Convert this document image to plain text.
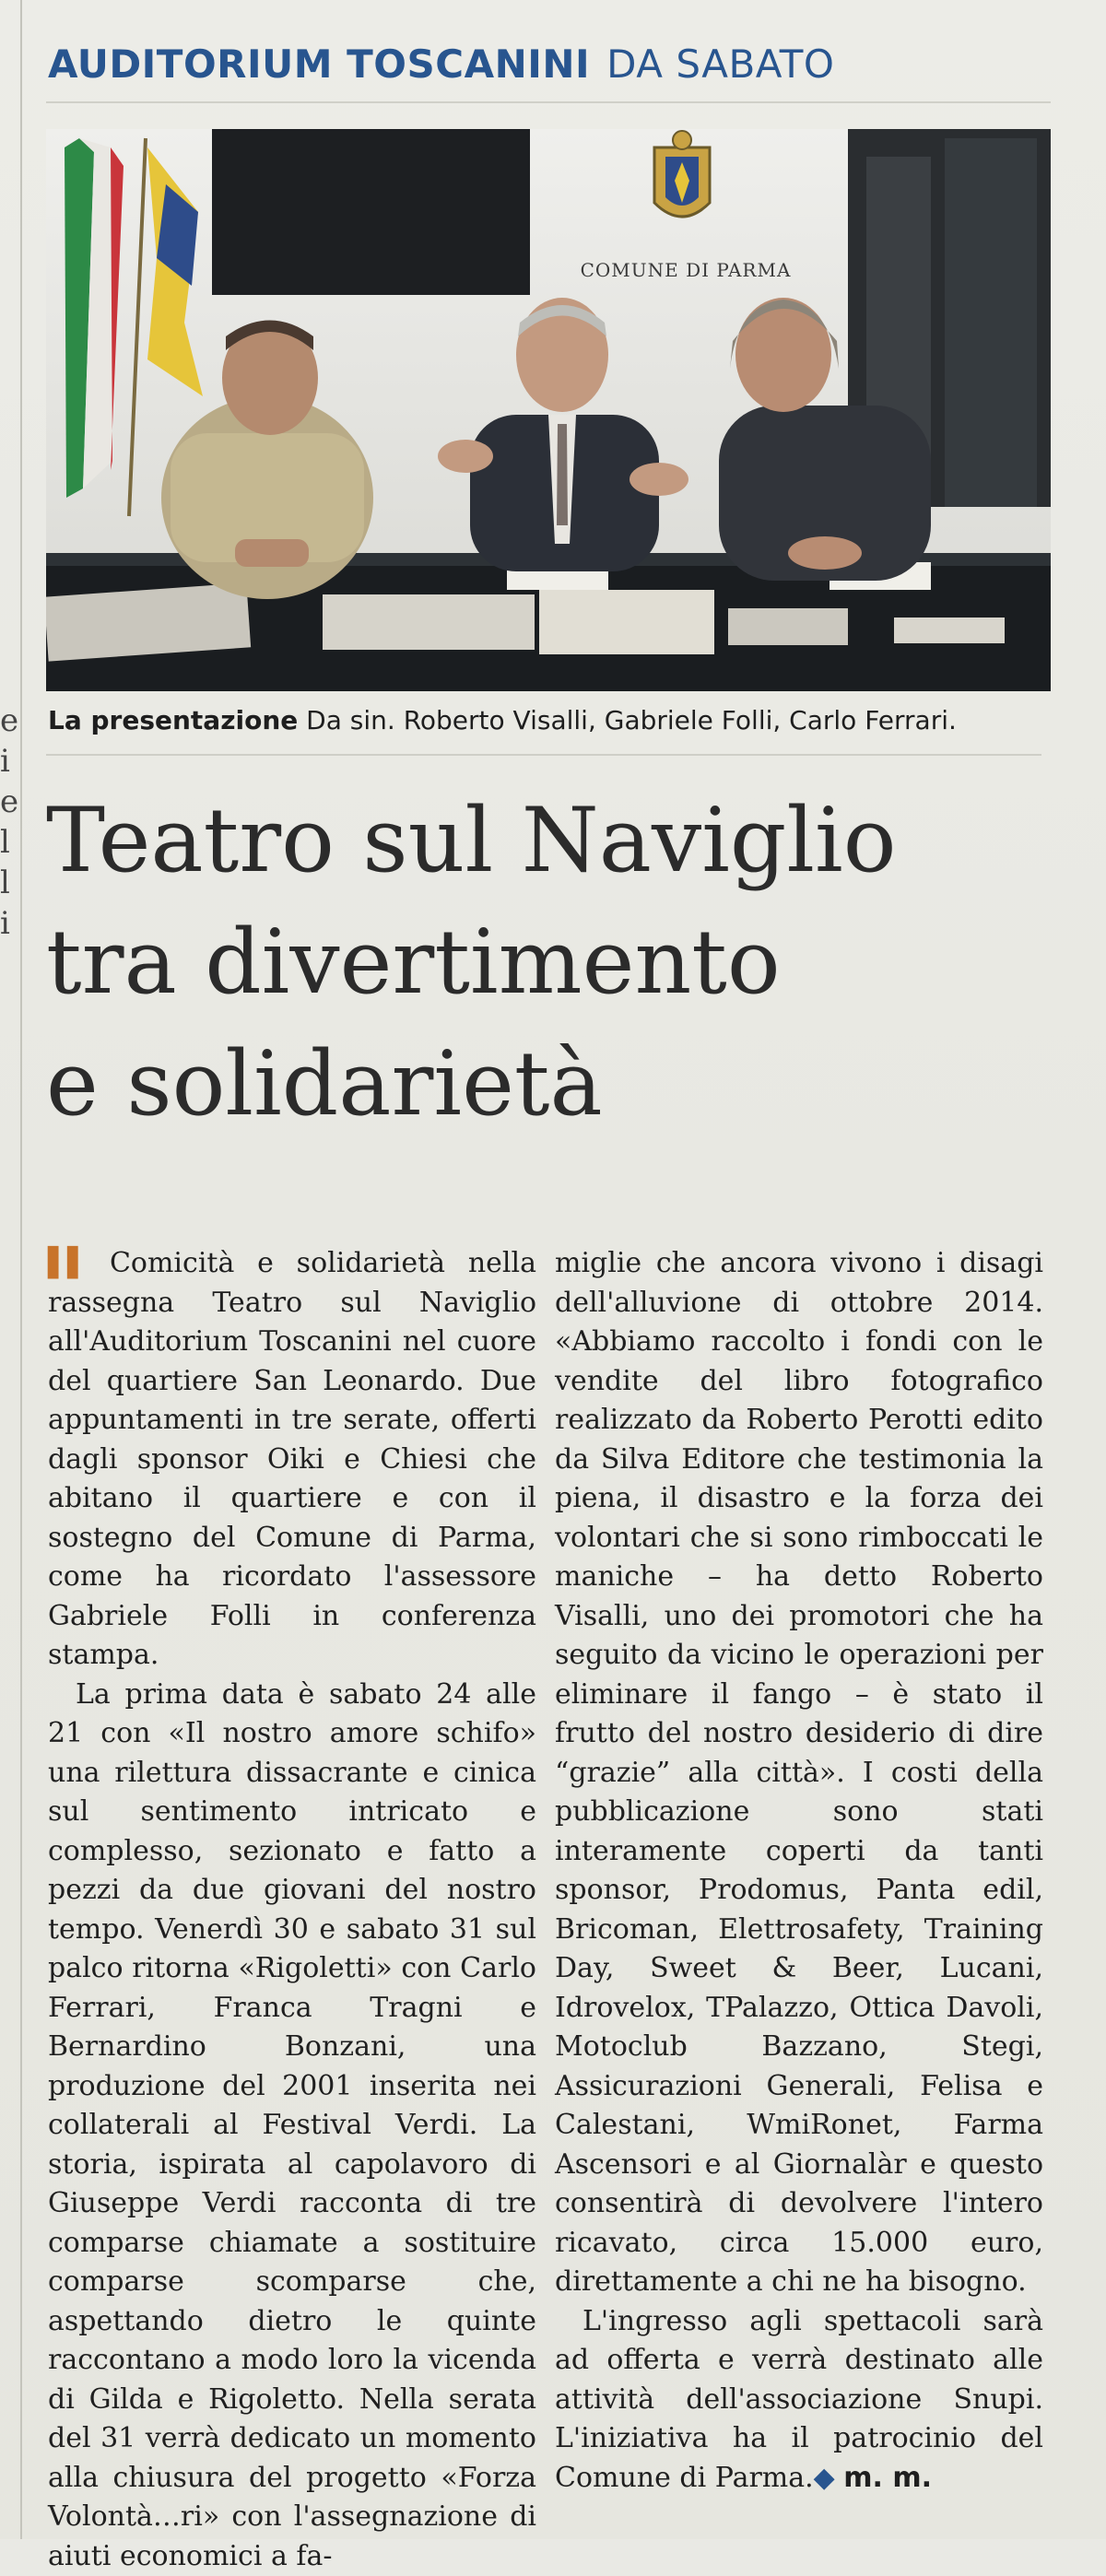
e
i
e
l
l
i
AUDITORIUM TOSCANINI DA SABATO
COMUNE DI PARMA
La presentazione Da sin. Roberto Visalli, Gabriele Folli, Carlo Ferrari.
Teatro sul Naviglio
tra divertimento
e solidarietà

▌▌ Comicità e solidarietà nella rassegna Teatro sul Naviglio all'Auditorium Toscanini nel cuore del quartiere San Leonardo. Due appuntamenti in tre serate, offerti dagli sponsor Oiki e Chiesi che abitano il quartiere e con il sostegno del Comune di Parma, come ha ricordato l'assessore Gabriele Folli in conferenza stampa.

La prima data è sabato 24 alle 21 con «Il nostro amore schifo» una rilettura dissacrante e cinica sul sentimento intricato e complesso, sezionato e fatto a pezzi da due giovani del nostro tempo. Venerdì 30 e sabato 31 sul palco ritorna «Rigoletti» con Carlo Ferrari, Franca Tragni e Bernardino Bonzani, una produzione del 2001 inserita nei collaterali al Festival Verdi. La storia, ispirata al capolavoro di Giuseppe Verdi racconta di tre comparse chiamate a sostituire comparse scomparse che, aspettando dietro le quinte raccontano a modo loro la vicenda di Gilda e Rigoletto. Nella serata del 31 verrà dedicato un momento alla chiusura del progetto «Forza Volontà…ri» con l'assegnazione di aiuti economici a fa-

miglie che ancora vivono i disagi dell'alluvione di ottobre 2014. «Abbiamo raccolto i fondi con le vendite del libro fotografico realizzato da Roberto Perotti edito da Silva Editore che testimonia la piena, il disastro e la forza dei volontari che si sono rimboccati le maniche – ha detto Roberto Visalli, uno dei promotori che ha seguito da vicino le operazioni per eliminare il fango – è stato il frutto del nostro desiderio di dire “grazie” alla città». I costi della pubblicazione sono stati interamente coperti da tanti sponsor, Prodomus, Panta edil, Bricoman, Elettrosafety, Training Day, Sweet & Beer, Lucani, Idrovelox, TPalazzo, Ottica Davoli, Motoclub Bazzano, Stegi, Assicurazioni Generali, Felisa e Calestani, WmiRonet, Farma Ascensori e al Giornalàr e questo consentirà di devolvere l'intero ricavato, circa 15.000 euro, direttamente a chi ne ha bisogno.

L'ingresso agli spettacoli sarà ad offerta e verrà destinato alle attività dell'associazione Snupi. L'iniziativa ha il patrocinio del Comune di Parma.◆ m. m.
